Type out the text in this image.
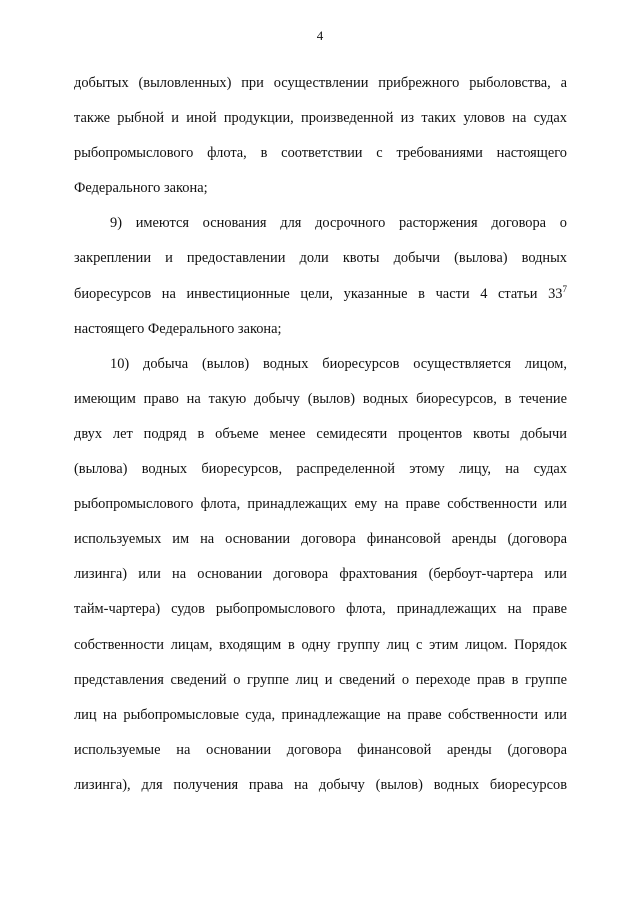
4
добытых (выловленных) при осуществлении прибрежного рыболовства, а
также рыбной и иной продукции, произведенной из таких уловов на судах
рыбопромыслового флота, в соответствии с требованиями настоящего
Федерального закона;
9) имеются основания для досрочного расторжения договора о
закреплении и предоставлении доли квоты добычи (вылова) водных
биоресурсов на инвестиционные цели, указанные в части 4 статьи $33^7$
настоящего Федерального закона;
10) добыча (вылов) водных биоресурсов осуществляется лицом,
имеющим право на такую добычу (вылов) водных биоресурсов, в течение
двух лет подряд в объеме менее семидесяти процентов квоты добычи
(вылова) водных биоресурсов, распределенной этому лицу, на судах
рыбопромыслового флота, принадлежащих ему на праве собственности или
используемых им на основании договора финансовой аренды (договора
лизинга) или на основании договора фрахтования (бербоут-чартера или
тайм-чартера) судов рыбопромыслового флота, принадлежащих на праве
собственности лицам, входящим в одну группу лиц с этим лицом. Порядок
представления сведений о группе лиц и сведений о переходе прав в группе
лиц на рыбопромысловые суда, принадлежащие на праве собственности или
используемые на основании договора финансовой аренды (договора
лизинга), для получения права на добычу (вылов) водных биоресурсов
